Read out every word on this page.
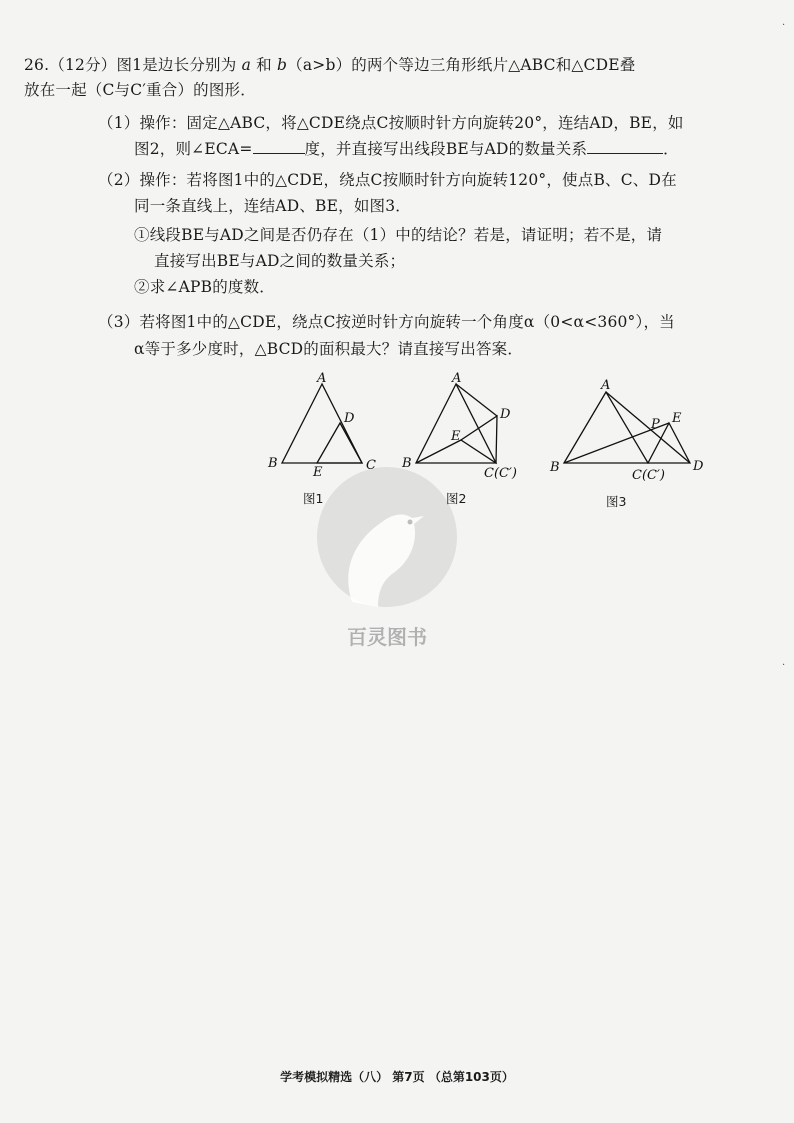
26.（12分）图1是边长分别为 a 和 b（a>b）的两个等边三角形纸片△ABC和△CDE叠
放在一起（C与C′重合）的图形．
（1）操作：固定△ABC，将△CDE绕点C按顺时针方向旋转20°，连结AD，BE，如
图2，则∠ECA=	度，并直接写出线段BE与AD的数量关系	．
（2）操作：若将图1中的△CDE，绕点C按顺时针方向旋转120°，使点B、C、D在
同一条直线上，连结AD、BE，如图3．
①线段BE与AD之间是否仍存在（1）中的结论？若是，请证明；若不是，请
直接写出BE与AD之间的数量关系；
②求∠APB的度数．
（3）若将图1中的△CDE，绕点C按逆时针方向旋转一个角度α（0<α<360°），当
α等于多少度时，△BCD的面积最大？请直接写出答案．
百灵图书
A
B	C
D
E
图1
A
B
C(C′)
D
E
图2
A
B
C(C′)
D
E
P
图3
学考模拟精选（八） 第7页 （总第103页）
·
·
